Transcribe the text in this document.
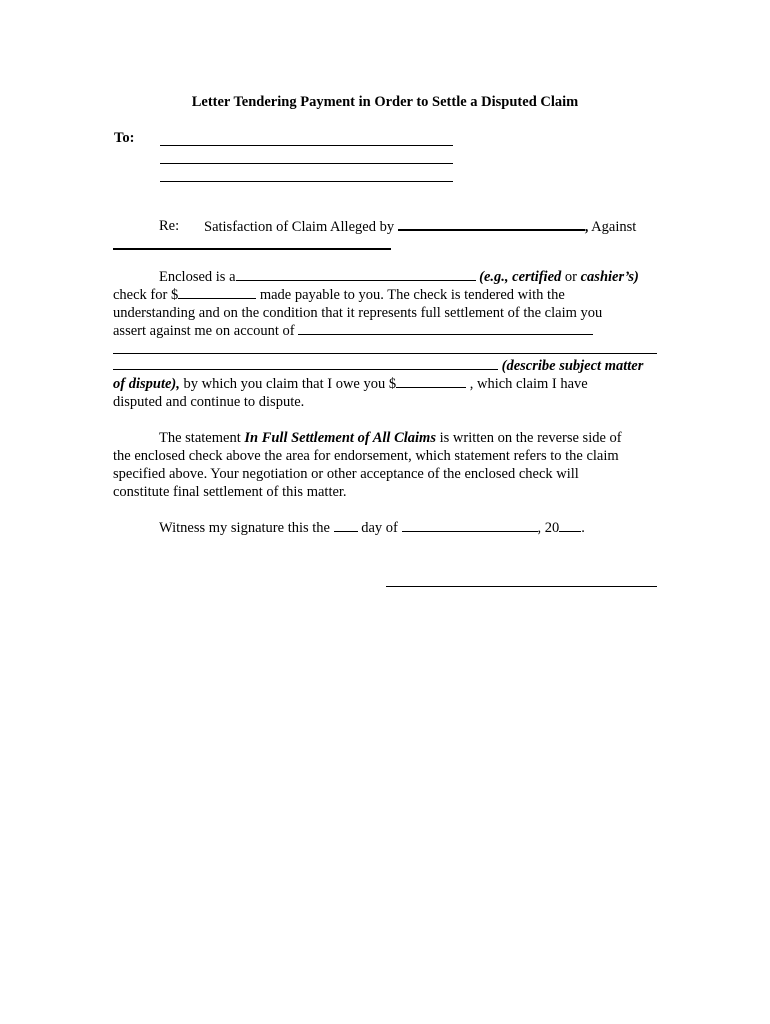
Letter Tendering Payment in Order to Settle a Disputed Claim
To:
Re: Satisfaction of Claim Alleged by	, Against
Enclosed is a	(e.g., certified or cashier’s)
check for $	made payable to you. The check is tendered with the
understanding and on the condition that it represents full settlement of the claim you
assert against me on account of
(describe subject matter
of dispute), by which you claim that I owe you $	, which claim I have
disputed and continue to dispute.
The statement In Full Settlement of All Claims is written on the reverse side of
the enclosed check above the area for endorsement, which statement refers to the claim
specified above. Your negotiation or other acceptance of the enclosed check will
constitute final settlement of this matter.
Witness my signature this the day of	, 20 .
